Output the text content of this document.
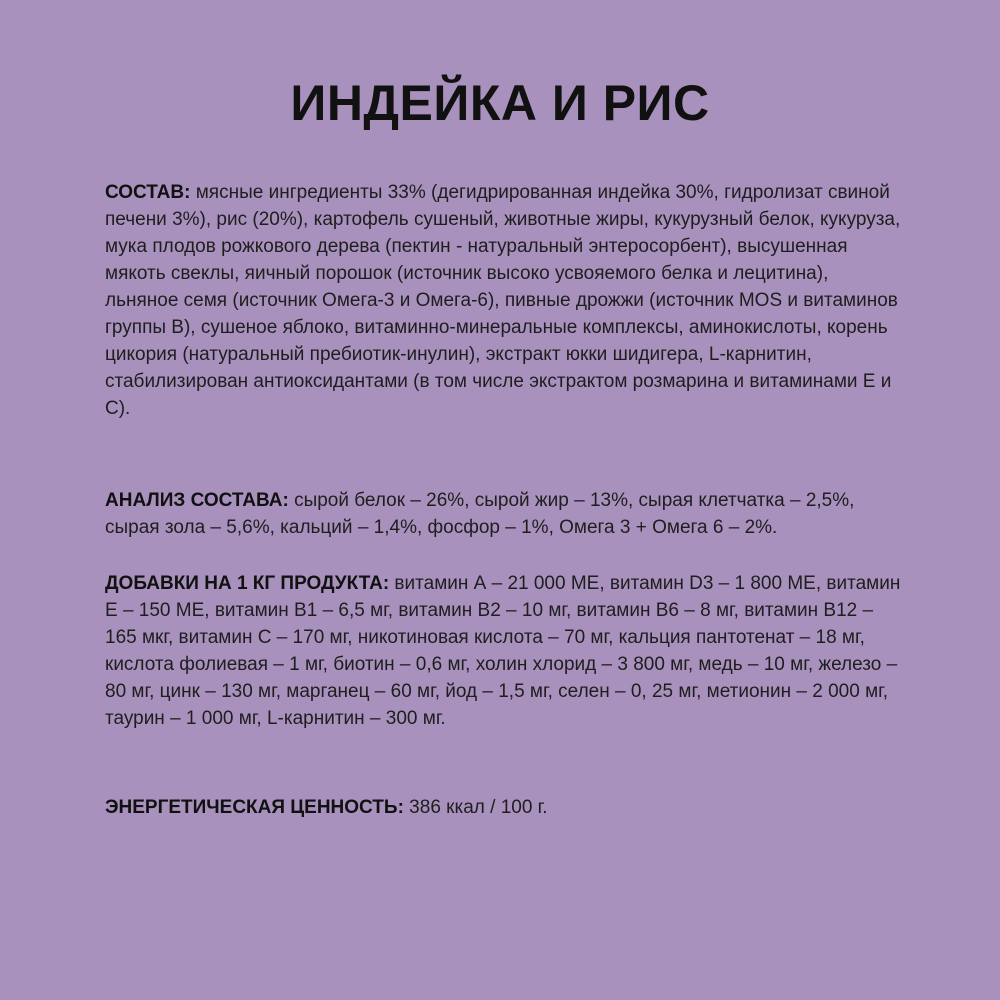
ИНДЕЙКА И РИС

СОСТАВ: мясные ингредиенты 33% (дегидрированная индейка 30%, гидролизат свиной печени 3%), рис (20%), картофель сушеный, животные жиры, кукурузный белок, кукуруза, мука плодов рожкового дерева (пектин - натуральный энтеросорбент), высушенная мякоть свеклы, яичный порошок (источник высоко усвояемого белка и лецитина), льняное семя (источник Омега-3 и Омега-6), пивные дрожжи (источник MOS и витаминов группы B), сушеное яблоко, витаминно-минеральные комплексы, аминокислоты, корень цикория (натуральный пребиотик-инулин), экстракт юкки шидигера, L-карнитин, стабилизирован антиоксидантами (в том числе экстрактом розмарина и витаминами Е и С).

АНАЛИЗ СОСТАВА: сырой белок – 26%, сырой жир – 13%, сырая клетчатка – 2,5%, сырая зола – 5,6%, кальций – 1,4%, фосфор – 1%, Омега 3 + Омега 6 – 2%.

ДОБАВКИ НА 1 КГ ПРОДУКТА: витамин А – 21 000 МЕ, витамин D3 – 1 800 МЕ, витамин Е – 150 МЕ, витамин B1 – 6,5 мг, витамин B2 – 10 мг, витамин B6 – 8 мг, витамин B12 – 165 мкг, витамин С – 170 мг, никотиновая кислота – 70 мг, кальция пантотенат – 18 мг, кислота фолиевая – 1 мг, биотин – 0,6 мг, холин хлорид – 3 800 мг, медь – 10 мг, железо – 80 мг, цинк – 130 мг, марганец – 60 мг, йод – 1,5 мг, селен – 0, 25 мг, метионин – 2 000 мг, таурин – 1 000 мг, L-карнитин – 300 мг.

ЭНЕРГЕТИЧЕСКАЯ ЦЕННОСТЬ: 386 ккал / 100 г.
